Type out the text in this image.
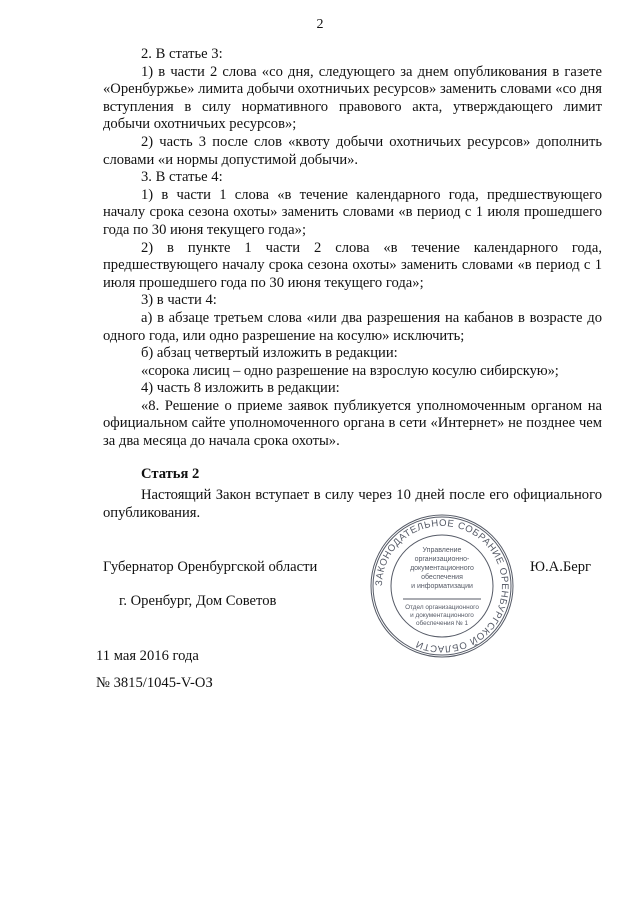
2

2. В статье 3:

1) в части 2 слова «со дня, следующего за днем опубликования в газете «Оренбуржье» лимита добычи охотничьих ресурсов» заменить словами «со дня вступления в силу нормативного правового акта, утверждающего лимит добычи охотничьих ресурсов»;

2) часть 3 после слов «квоту добычи охотничьих ресурсов» дополнить словами «и нормы допустимой добычи».

3. В статье 4:

1) в части 1 слова «в течение календарного года, предшествующего началу срока сезона охоты» заменить словами «в период с 1 июля прошедшего года по 30 июня текущего года»;

2) в пункте 1 части 2 слова «в течение календарного года, предшествующего началу срока сезона охоты» заменить словами «в период с 1 июля прошедшего года по 30 июня текущего года»;

3) в части 4:

а) в абзаце третьем слова «или два разрешения на кабанов в возрасте до одного года, или одно разрешение на косулю» исключить;

б) абзац четвертый изложить в редакции:

«сорока лисиц – одно разрешение на взрослую косулю сибирскую»;

4) часть 8 изложить в редакции:

«8. Решение о приеме заявок публикуется уполномоченным органом на официальном сайте уполномоченного органа в сети «Интернет» не позднее чем за два месяца до начала срока охоты».

Статья 2

Настоящий Закон вступает в силу через 10 дней после его официального опубликования.

Губернатор Оренбургской области	Ю.А.Берг
г. Оренбург, Дом Советов
11 мая 2016 года
№ 3815/1045-V-ОЗ
ЗАКОНОДАТЕЛЬНОЕ СОБРАНИЕ ОРЕНБУРГСКОЙ ОБЛАСТИ
Управление
организационно-
документационного
обеспечения
и информатизации
Отдел организационного
и документационного
обеспечения № 1
